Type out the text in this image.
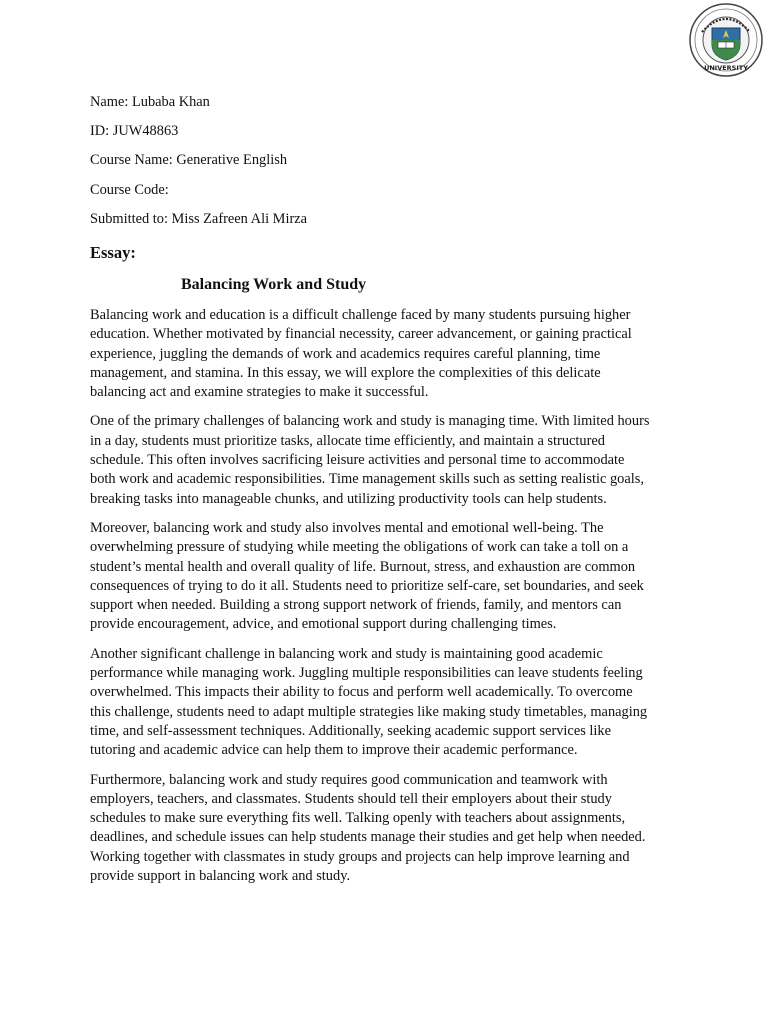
UNIVERSITY
Name: Lubaba Khan
ID: JUW48863
Course Name: Generative English
Course Code:
Submitted to: Miss Zafreen Ali Mirza
Essay:
Balancing Work and Study
Balancing work and education is a difficult challenge faced by many students pursuing higher
education. Whether motivated by financial necessity, career advancement, or gaining practical
experience, juggling the demands of work and academics requires careful planning, time
management, and stamina. In this essay, we will explore the complexities of this delicate
balancing act and examine strategies to make it successful.
One of the primary challenges of balancing work and study is managing time. With limited hours
in a day, students must prioritize tasks, allocate time efficiently, and maintain a structured
schedule. This often involves sacrificing leisure activities and personal time to accommodate
both work and academic responsibilities. Time management skills such as setting realistic goals,
breaking tasks into manageable chunks, and utilizing productivity tools can help students.
Moreover, balancing work and study also involves mental and emotional well-being. The
overwhelming pressure of studying while meeting the obligations of work can take a toll on a
student’s mental health and overall quality of life. Burnout, stress, and exhaustion are common
consequences of trying to do it all. Students need to prioritize self-care, set boundaries, and seek
support when needed. Building a strong support network of friends, family, and mentors can
provide encouragement, advice, and emotional support during challenging times.
Another significant challenge in balancing work and study is maintaining good academic
performance while managing work. Juggling multiple responsibilities can leave students feeling
overwhelmed. This impacts their ability to focus and perform well academically. To overcome
this challenge, students need to adapt multiple strategies like making study timetables, managing
time, and self-assessment techniques. Additionally, seeking academic support services like
tutoring and academic advice can help them to improve their academic performance.
Furthermore, balancing work and study requires good communication and teamwork with
employers, teachers, and classmates. Students should tell their employers about their study
schedules to make sure everything fits well. Talking openly with teachers about assignments,
deadlines, and schedule issues can help students manage their studies and get help when needed.
Working together with classmates in study groups and projects can help improve learning and
provide support in balancing work and study.
